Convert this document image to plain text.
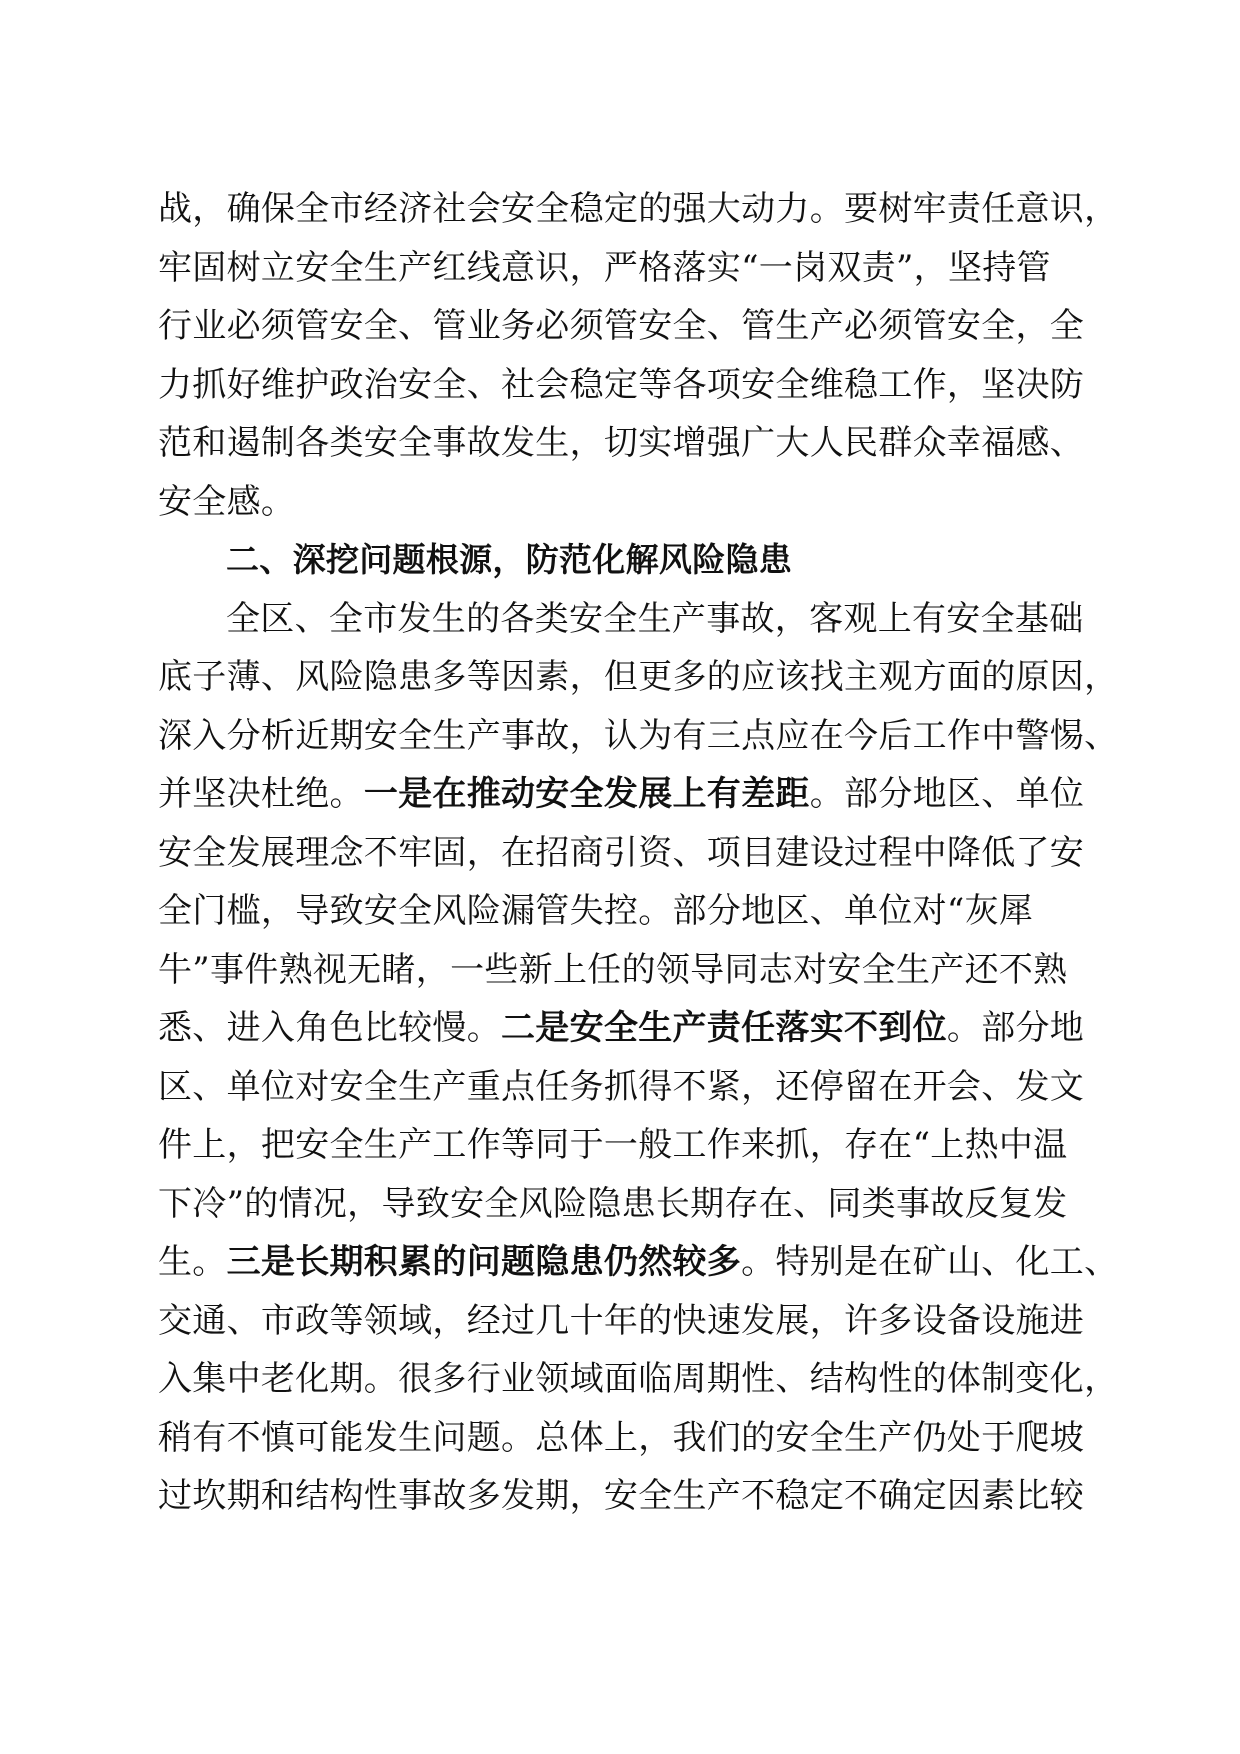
战，确保全市经济社会安全稳定的强大动力。要树牢责任意识，
牢固树立安全生产红线意识，严格落实“一岗双责”，坚持管
行业必须管安全、管业务必须管安全、管生产必须管安全，全
力抓好维护政治安全、社会稳定等各项安全维稳工作，坚决防
范和遏制各类安全事故发生，切实增强广大人民群众幸福感、
安全感。
二、深挖问题根源，防范化解风险隐患
全区、全市发生的各类安全生产事故，客观上有安全基础
底子薄、风险隐患多等因素，但更多的应该找主观方面的原因，
深入分析近期安全生产事故，认为有三点应在今后工作中警惕、
并坚决杜绝。一是在推动安全发展上有差距。部分地区、单位
安全发展理念不牢固，在招商引资、项目建设过程中降低了安
全门槛，导致安全风险漏管失控。部分地区、单位对“灰犀
牛”事件熟视无睹，一些新上任的领导同志对安全生产还不熟
悉、进入角色比较慢。二是安全生产责任落实不到位。部分地
区、单位对安全生产重点任务抓得不紧，还停留在开会、发文
件上，把安全生产工作等同于一般工作来抓，存在“上热中温
下冷”的情况，导致安全风险隐患长期存在、同类事故反复发
生。三是长期积累的问题隐患仍然较多。特别是在矿山、化工、
交通、市政等领域，经过几十年的快速发展，许多设备设施进
入集中老化期。很多行业领域面临周期性、结构性的体制变化，
稍有不慎可能发生问题。总体上，我们的安全生产仍处于爬坡
过坎期和结构性事故多发期，安全生产不稳定不确定因素比较
